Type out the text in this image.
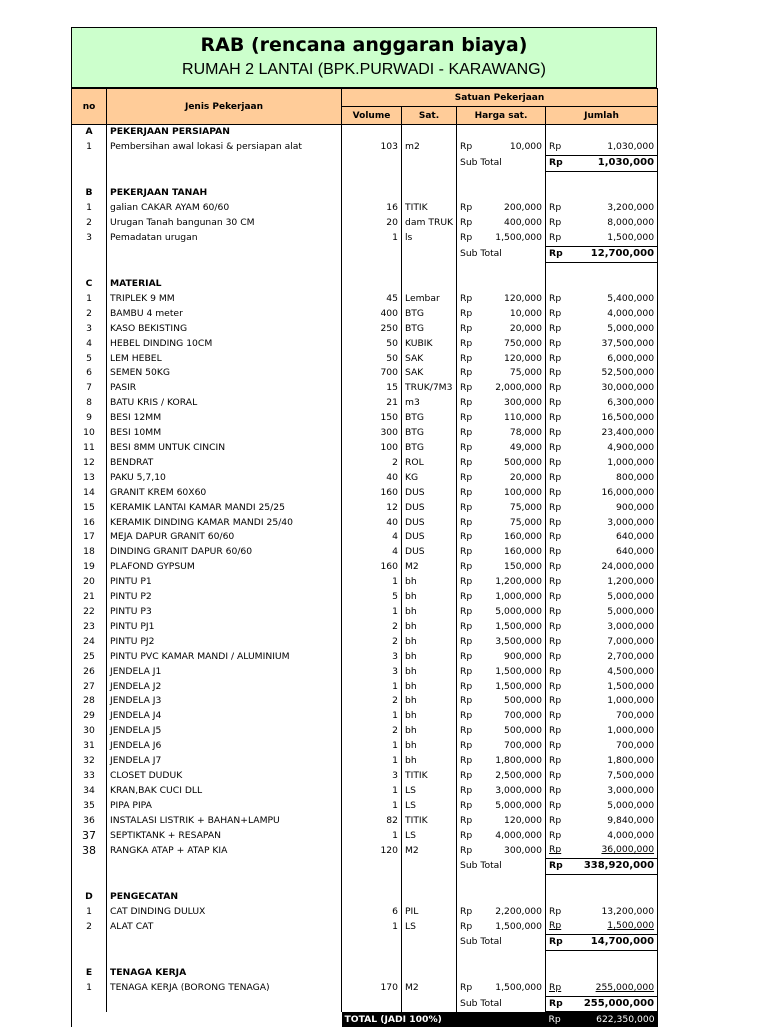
RAB (rencana anggaran biaya)
RUMAH 2 LANTAI (BPK.PURWADI - KARAWANG)
no	Jenis Pekerjaan	Satuan Pekerjaan					
		Volume	Sat.	Harga sat.		Jumlah	
A	PEKERJAAN PERSIAPAN						
1	Pembersihan awal lokasi & persiapan alat	103	m2	Rp	10,000	Rp	1,030,000
				Sub Total		Rp	1,030,000

B	PEKERJAAN TANAH						
1	galian CAKAR AYAM 60/60	16	TITIK	Rp	200,000	Rp	3,200,000
2	Urugan Tanah bangunan 30 CM	20	dam TRUK	Rp	400,000	Rp	8,000,000
3	Pemadatan urugan	1	ls	Rp	1,500,000	Rp	1,500,000
				Sub Total		Rp	12,700,000

C	MATERIAL						
1	TRIPLEK 9 MM	45	Lembar	Rp	120,000	Rp	5,400,000
2	BAMBU 4 meter	400	BTG	Rp	10,000	Rp	4,000,000
3	KASO BEKISTING	250	BTG	Rp	20,000	Rp	5,000,000
4	HEBEL DINDING 10CM	50	KUBIK	Rp	750,000	Rp	37,500,000
5	LEM HEBEL	50	SAK	Rp	120,000	Rp	6,000,000
6	SEMEN 50KG	700	SAK	Rp	75,000	Rp	52,500,000
7	PASIR	15	TRUK/7M3	Rp	2,000,000	Rp	30,000,000
8	BATU KRIS / KORAL	21	m3	Rp	300,000	Rp	6,300,000
9	BESI 12MM	150	BTG	Rp	110,000	Rp	16,500,000
10	BESI 10MM	300	BTG	Rp	78,000	Rp	23,400,000
11	BESI 8MM UNTUK CINCIN	100	BTG	Rp	49,000	Rp	4,900,000
12	BENDRAT	2	ROL	Rp	500,000	Rp	1,000,000
13	PAKU 5,7,10	40	KG	Rp	20,000	Rp	800,000
14	GRANIT KREM 60X60	160	DUS	Rp	100,000	Rp	16,000,000
15	KERAMIK LANTAI KAMAR MANDI 25/25	12	DUS	Rp	75,000	Rp	900,000
16	KERAMIK DINDING KAMAR MANDI 25/40	40	DUS	Rp	75,000	Rp	3,000,000
17	MEJA DAPUR GRANIT 60/60	4	DUS	Rp	160,000	Rp	640,000
18	DINDING GRANIT DAPUR 60/60	4	DUS	Rp	160,000	Rp	640,000
19	PLAFOND GYPSUM	160	M2	Rp	150,000	Rp	24,000,000
20	PINTU P1	1	bh	Rp	1,200,000	Rp	1,200,000
21	PINTU P2	5	bh	Rp	1,000,000	Rp	5,000,000
22	PINTU P3	1	bh	Rp	5,000,000	Rp	5,000,000
23	PINTU PJ1	2	bh	Rp	1,500,000	Rp	3,000,000
24	PINTU PJ2	2	bh	Rp	3,500,000	Rp	7,000,000
25	PINTU PVC KAMAR MANDI / ALUMINIUM	3	bh	Rp	900,000	Rp	2,700,000
26	JENDELA J1	3	bh	Rp	1,500,000	Rp	4,500,000
27	JENDELA J2	1	bh	Rp	1,500,000	Rp	1,500,000
28	JENDELA J3	2	bh	Rp	500,000	Rp	1,000,000
29	JENDELA J4	1	bh	Rp	700,000	Rp	700,000
30	JENDELA J5	2	bh	Rp	500,000	Rp	1,000,000
31	JENDELA J6	1	bh	Rp	700,000	Rp	700,000
32	JENDELA J7	1	bh	Rp	1,800,000	Rp	1,800,000
33	CLOSET DUDUK	3	TITIK	Rp	2,500,000	Rp	7,500,000
34	KRAN,BAK CUCI DLL	1	LS	Rp	3,000,000	Rp	3,000,000
35	PIPA PIPA	1	LS	Rp	5,000,000	Rp	5,000,000
36	INSTALASI LISTRIK + BAHAN+LAMPU	82	TITIK	Rp	120,000	Rp	9,840,000
37	SEPTIKTANK + RESAPAN	1	LS	Rp	4,000,000	Rp	4,000,000
38	RANGKA ATAP + ATAP KIA	120	M2	Rp	300,000	Rp	36,000,000
				Sub Total		Rp	338,920,000

D	PENGECATAN						
1	CAT DINDING DULUX	6	PIL	Rp	2,200,000	Rp	13,200,000
2	ALAT CAT	1	LS	Rp	1,500,000	Rp	1,500,000
				Sub Total		Rp	14,700,000

E	TENAGA KERJA						
1	TENAGA KERJA (BORONG TENAGA)	170	M2	Rp	1,500,000	Rp	255,000,000
				Sub Total		Rp	255,000,000
		TOTAL (JADI 100%)				Rp	622,350,000
